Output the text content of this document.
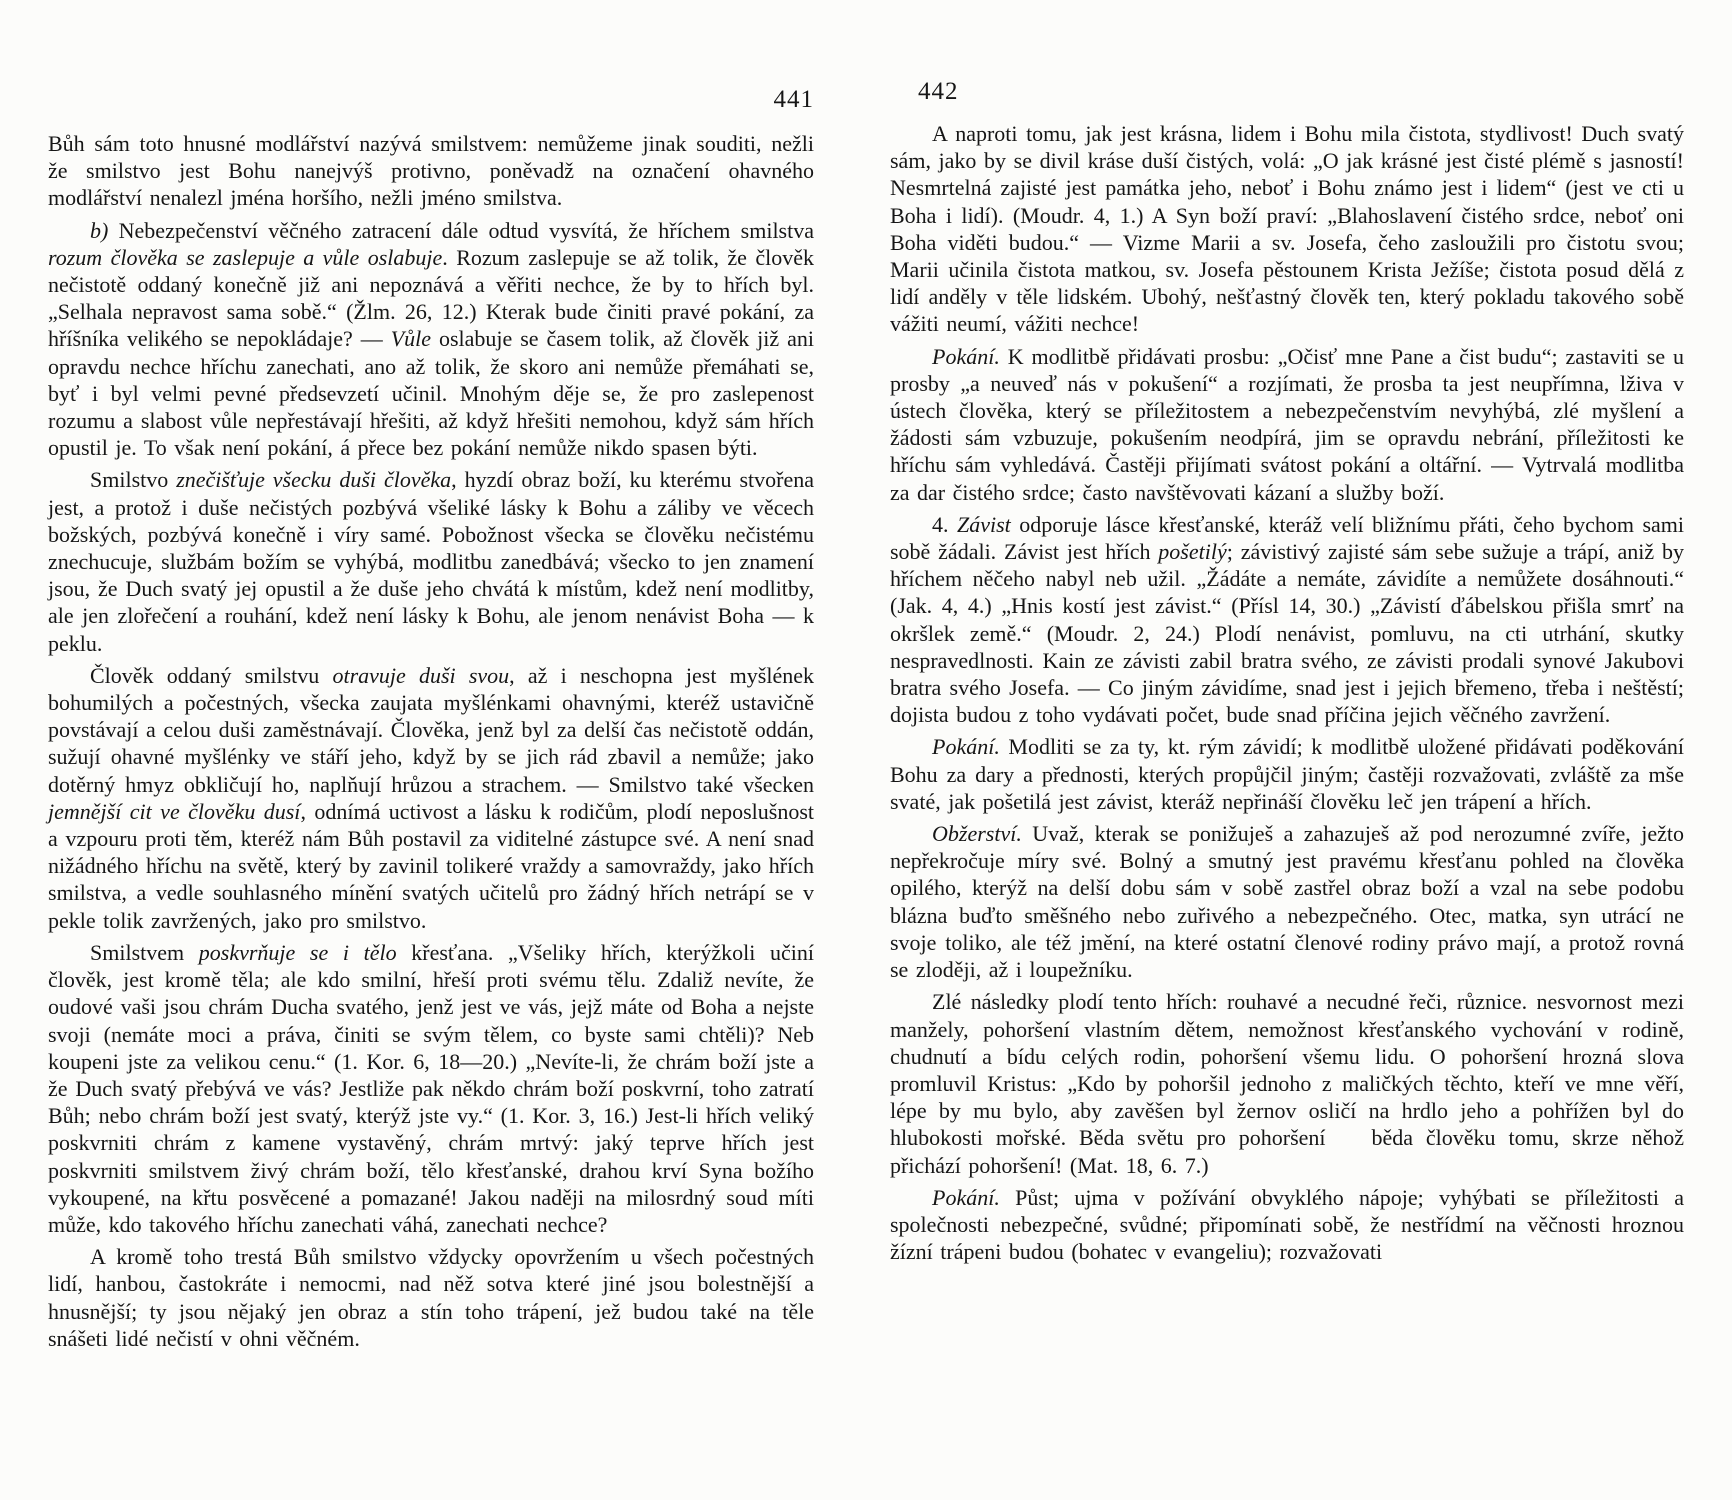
441

Bůh sám toto hnusné modlářství nazývá smilstvem: nemůžeme jinak souditi, nežli že smilstvo jest Bohu nanejvýš protivno, poněvadž na označení ohavného modlářství nenalezl jména horšího, nežli jméno smilstva.

b) Nebezpečenství věčného zatracení dále odtud vysvítá, že hříchem smilstva rozum člověka se zaslepuje a vůle oslabuje. Rozum zaslepuje se až tolik, že člověk nečistotě oddaný konečně již ani nepoznává a věřiti nechce, že by to hřích byl. „Selhala nepravost sama sobě.“ (Žlm. 26, 12.) Kterak bude činiti pravé pokání, za hříšníka velikého se nepokládaje? — Vůle oslabuje se časem tolik, až člověk již ani opravdu nechce hříchu zanechati, ano až tolik, že skoro ani nemůže přemáhati se, byť i byl velmi pevné předsevzetí učinil. Mnohým děje se, že pro zaslepenost rozumu a slabost vůle nepřestávají hřešiti, až když hřešiti nemohou, když sám hřích opustil je. To však není pokání, á přece bez pokání nemůže nikdo spasen býti.

Smilstvo znečišťuje všecku duši člověka, hyzdí obraz boží, ku kterému stvořena jest, a protož i duše nečistých pozbývá všeliké lásky k Bohu a záliby ve věcech božských, pozbývá konečně i víry samé. Pobožnost všecka se člověku nečistému znechucuje, službám božím se vyhýbá, modlitbu zanedbává; všecko to jen znamení jsou, že Duch svatý jej opustil a že duše jeho chvátá k místům, kdež není modlitby, ale jen zlořečení a rouhání, kdež není lásky k Bohu, ale jenom nenávist Boha — k peklu.

Člověk oddaný smilstvu otravuje duši svou, až i neschopna jest myšlének bohumilých a počestných, všecka zaujata myšlénkami ohavnými, kteréž ustavičně povstávají a celou duši zaměstnávají. Člověka, jenž byl za delší čas nečistotě oddán, sužují ohavné myšlénky ve stáří jeho, když by se jich rád zbavil a nemůže; jako dotěrný hmyz obkličují ho, naplňují hrůzou a strachem. — Smilstvo také všecken jemnější cit ve člověku dusí, odnímá uctivost a lásku k rodičům, plodí neposlušnost a vzpouru proti těm, kteréž nám Bůh postavil za viditelné zástupce své. A není snad nižádného hříchu na světě, který by zavinil tolikeré vraždy a samovraždy, jako hřích smilstva, a vedle souhlasného mínění svatých učitelů pro žádný hřích netrápí se v pekle tolik zavržených, jako pro smilstvo.

Smilstvem poskvrňuje se i tělo křesťana. „Všeliky hřích, kterýžkoli učiní člověk, jest kromě těla; ale kdo smilní, hřeší proti svému tělu. Zdaliž nevíte, že oudové vaši jsou chrám Ducha svatého, jenž jest ve vás, jejž máte od Boha a nejste svoji (nemáte moci a práva, činiti se svým tělem, co byste sami chtěli)? Neb koupeni jste za velikou cenu.“ (1. Kor. 6, 18—20.) „Nevíte-li, že chrám boží jste a že Duch svatý přebývá ve vás? Jestliže pak někdo chrám boží poskvrní, toho zatratí Bůh; nebo chrám boží jest svatý, kterýž jste vy.“ (1. Kor. 3, 16.) Jest-li hřích veliký poskvrniti chrám z kamene vystavěný, chrám mrtvý: jaký teprve hřích jest poskvrniti smilstvem živý chrám boží, tělo křesťanské, drahou krví Syna božího vykoupené, na křtu posvěcené a pomazané! Jakou naději na milosrdný soud míti může, kdo takového hříchu zanechati váhá, zanechati nechce?

A kromě toho trestá Bůh smilstvo vždycky opovržením u všech počestných lidí, hanbou, častokráte i nemocmi, nad něž sotva které jiné jsou bolestnější a hnusnější; ty jsou nějaký jen obraz a stín toho trápení, jež budou také na těle snášeti lidé nečistí v ohni věčném.

442

A naproti tomu, jak jest krásna, lidem i Bohu mila čistota, stydlivost! Duch svatý sám, jako by se divil kráse duší čistých, volá: „O jak krásné jest čisté plémě s jasností! Nesmrtelná zajisté jest památka jeho, neboť i Bohu známo jest i lidem“ (jest ve cti u Boha i lidí). (Moudr. 4, 1.) A Syn boží praví: „Blahoslavení čistého srdce, neboť oni Boha viděti budou.“ — Vizme Marii a sv. Josefa, čeho zasloužili pro čistotu svou; Marii učinila čistota matkou, sv. Josefa pěstounem Krista Ježíše; čistota posud dělá z lidí anděly v těle lidském. Ubohý, nešťastný člověk ten, který pokladu takového sobě vážiti neumí, vážiti nechce!

Pokání. K modlitbě přidávati prosbu: „Očisť mne Pane a čist budu“; zastaviti se u prosby „a neuveď nás v pokušení“ a rozjímati, že prosba ta jest neupřímna, lživa v ústech člověka, který se příležitostem a nebezpečenstvím nevyhýbá, zlé myšlení a žádosti sám vzbuzuje, pokušením neodpírá, jim se opravdu nebrání, příležitosti ke hříchu sám vyhledává. Častěji přijímati svátost pokání a oltářní. — Vytrvalá modlitba za dar čistého srdce; často navštěvovati kázaní a služby boží.

4. Závist odporuje lásce křesťanské, kteráž velí bližnímu přáti, čeho bychom sami sobě žádali. Závist jest hřích pošetilý; závistivý zajisté sám sebe sužuje a trápí, aniž by hříchem něčeho nabyl neb užil. „Žádáte a nemáte, závidíte a nemůžete dosáhnouti.“ (Jak. 4, 4.) „Hnis kostí jest závist.“ (Přísl 14, 30.) „Závistí ďábelskou přišla smrť na okršlek země.“ (Moudr. 2, 24.) Plodí nenávist, pomluvu, na cti utrhání, skutky nespravedlnosti. Kain ze závisti zabil bratra svého, ze závisti prodali synové Jakubovi bratra svého Josefa. — Co jiným závidíme, snad jest i jejich břemeno, třeba i neštěstí; dojista budou z toho vydávati počet, bude snad příčina jejich věčného zavržení.

Pokání. Modliti se za ty, kt. rým závidí; k modlitbě uložené přidávati poděkování Bohu za dary a přednosti, kterých propůjčil jiným; častěji rozvažovati, zvláště za mše svaté, jak pošetilá jest závist, kteráž nepřináší člověku leč jen trápení a hřích.

Obžerství. Uvaž, kterak se ponižuješ a zahazuješ až pod nerozumné zvíře, ježto nepřekročuje míry své. Bolný a smutný jest pravému křesťanu pohled na člověka opilého, kterýž na delší dobu sám v sobě zastřel obraz boží a vzal na sebe podobu blázna buďto směšného nebo zuřivého a nebezpečného. Otec, matka, syn utrácí ne svoje toliko, ale též jmění, na které ostatní členové rodiny právo mají, a protož rovná se zloději, až i loupežníku.

Zlé následky plodí tento hřích: rouhavé a necudné řeči, různice. nesvornost mezi manžely, pohoršení vlastním dětem, nemožnost křesťanského vychování v rodině, chudnutí a bídu celých rodin, pohoršení všemu lidu. O pohoršení hrozná slova promluvil Kristus: „Kdo by pohoršil jednoho z maličkých těchto, kteří ve mne věří, lépe by mu bylo, aby zavěšen byl žernov osličí na hrdlo jeho a pohřížen byl do hlubokosti mořské. Běda světu pro pohoršení   běda člověku tomu, skrze něhož přichází pohoršení! (Mat. 18, 6. 7.)

Pokání. Půst; ujma v požívání obvyklého nápoje; vyhýbati se příležitosti a společnosti nebezpečné, svůdné; připomínati sobě, že nestřídmí na věčnosti hroznou žízní trápeni budou (bohatec v evangeliu); rozvažovati
